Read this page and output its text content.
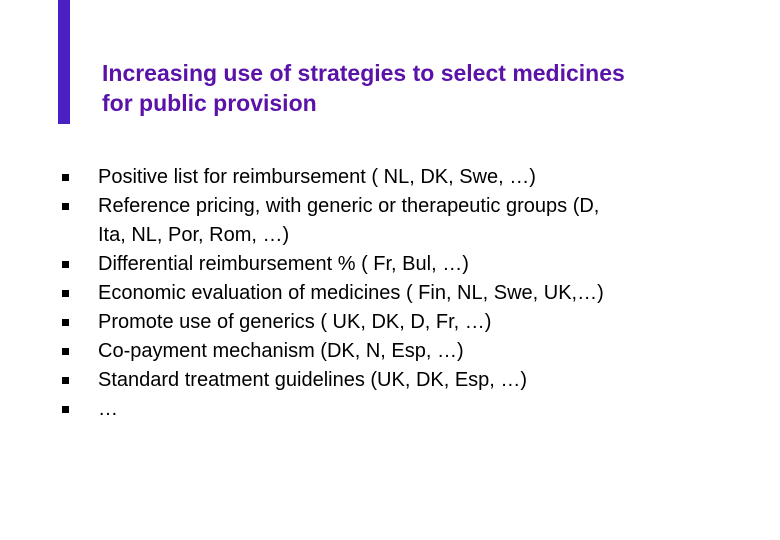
Increasing use of strategies to select medicines
for public provision
Positive list for reimbursement ( NL, DK, Swe, …)
Reference pricing, with generic or therapeutic groups (D,
Ita, NL, Por, Rom, …)
Differential reimbursement % ( Fr, Bul, …)
Economic evaluation of medicines ( Fin, NL, Swe, UK,…)
Promote use of generics ( UK, DK, D, Fr, …)
Co-payment mechanism (DK, N, Esp, …)
Standard treatment guidelines (UK, DK, Esp, …)
…
